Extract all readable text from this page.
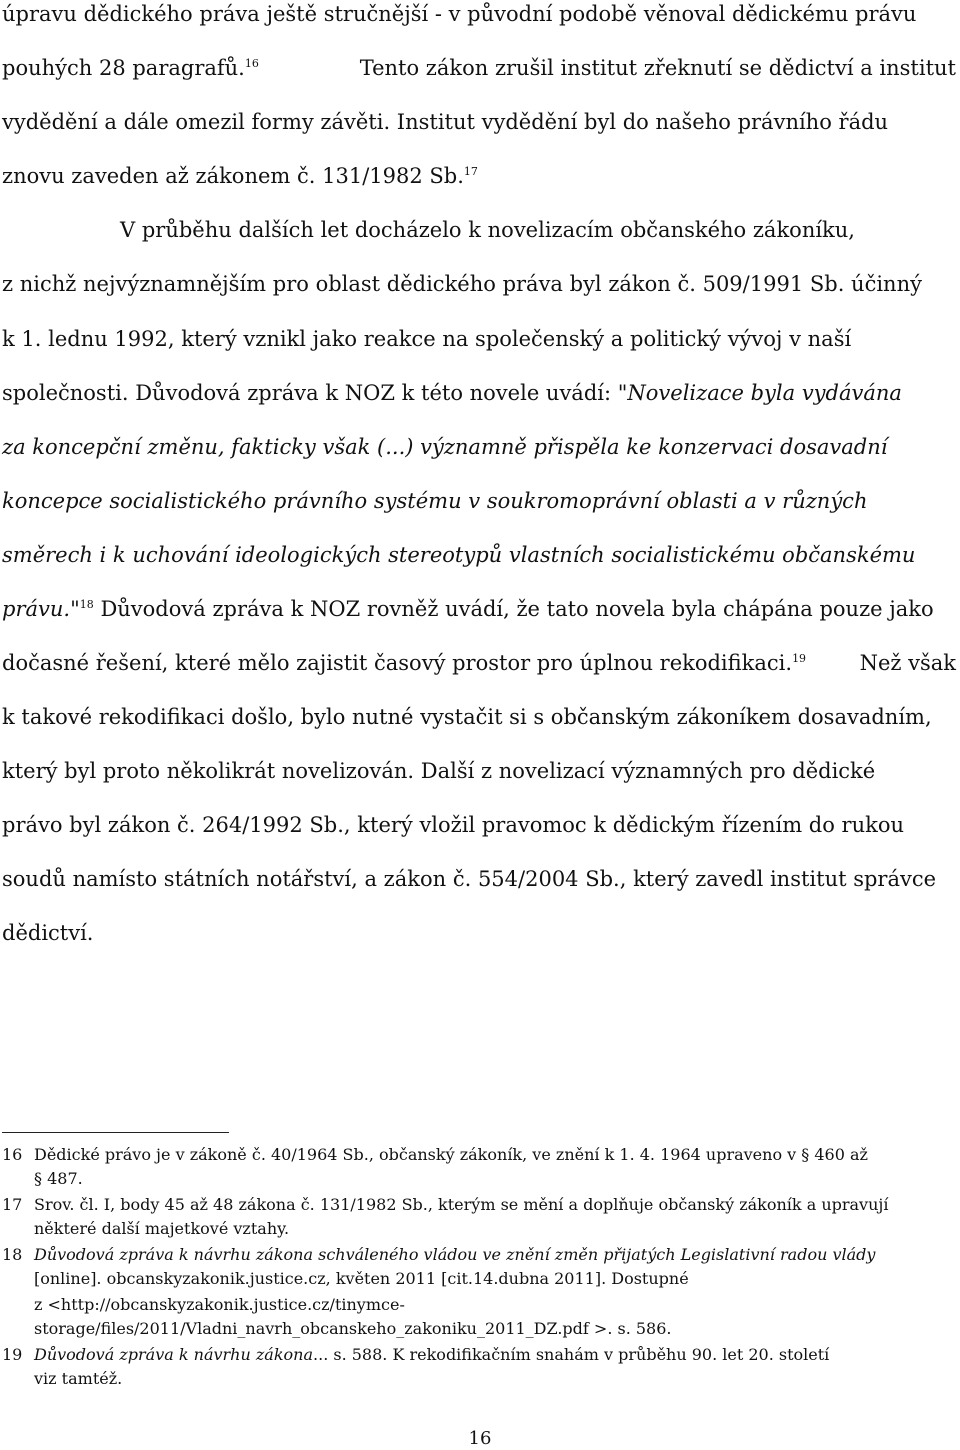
úpravu dědického práva ještě stručnější - v původní podobě věnoval dědickému právu
pouhých 28 paragrafů.$^{16}$	Tento zákon zrušil institut zřeknutí se dědictví a institut
vydědění a dále omezil formy závěti. Institut vydědění byl do našeho právního řádu
znovu zaveden až zákonem č. 131/1982 Sb.$^{17}$
V průběhu dalších let docházelo k novelizacím občanského zákoníku,
z nichž nejvýznamnějším pro oblast dědického práva byl zákon č. 509/1991 Sb. účinný
k 1. lednu 1992, který vznikl jako reakce na společenský a politický vývoj v naší
společnosti. Důvodová zpráva k NOZ k této novele uvádí: "Novelizace byla vydávána
za koncepční změnu, fakticky však (...) významně přispěla ke konzervaci dosavadní
koncepce socialistického právního systému v soukromoprávní oblasti a v různých
směrech i k uchování ideologických stereotypů vlastních socialistickému občanskému
právu."$^{18}$ Důvodová zpráva k NOZ rovněž uvádí, že tato novela byla chápána pouze jako
dočasné řešení, které mělo zajistit časový prostor pro úplnou rekodifikaci.$^{19}$	Než však
k takové rekodifikaci došlo, bylo nutné vystačit si s občanským zákoníkem dosavadním,
který byl proto několikrát novelizován. Další z novelizací významných pro dědické
právo byl zákon č. 264/1992 Sb., který vložil pravomoc k dědickým řízením do rukou
soudů namísto státních notářství, a zákon č. 554/2004 Sb., který zavedl institut správce
dědictví.
16 Dědické právo je v zákoně č. 40/1964 Sb., občanský zákoník, ve znění k 1. 4. 1964 upraveno v § 460 až
§ 487.
17 Srov. čl. I, body 45 až 48 zákona č. 131/1982 Sb., kterým se mění a doplňuje občanský zákoník a upravují
některé další majetkové vztahy.
18 Důvodová zpráva k návrhu zákona schváleného vládou ve znění změn přijatých Legislativní radou vlády
[online]. obcanskyzakonik.justice.cz, květen 2011 [cit.14.dubna 2011]. Dostupné
z <http://obcanskyzakonik.justice.cz/tinymce-
storage/files/2011/Vladni_navrh_obcanskeho_zakoniku_2011_DZ.pdf >. s. 586.
19 Důvodová zpráva k návrhu zákona... s. 588. K rekodifikačním snahám v průběhu 90. let 20. století
viz tamtéž.
16
